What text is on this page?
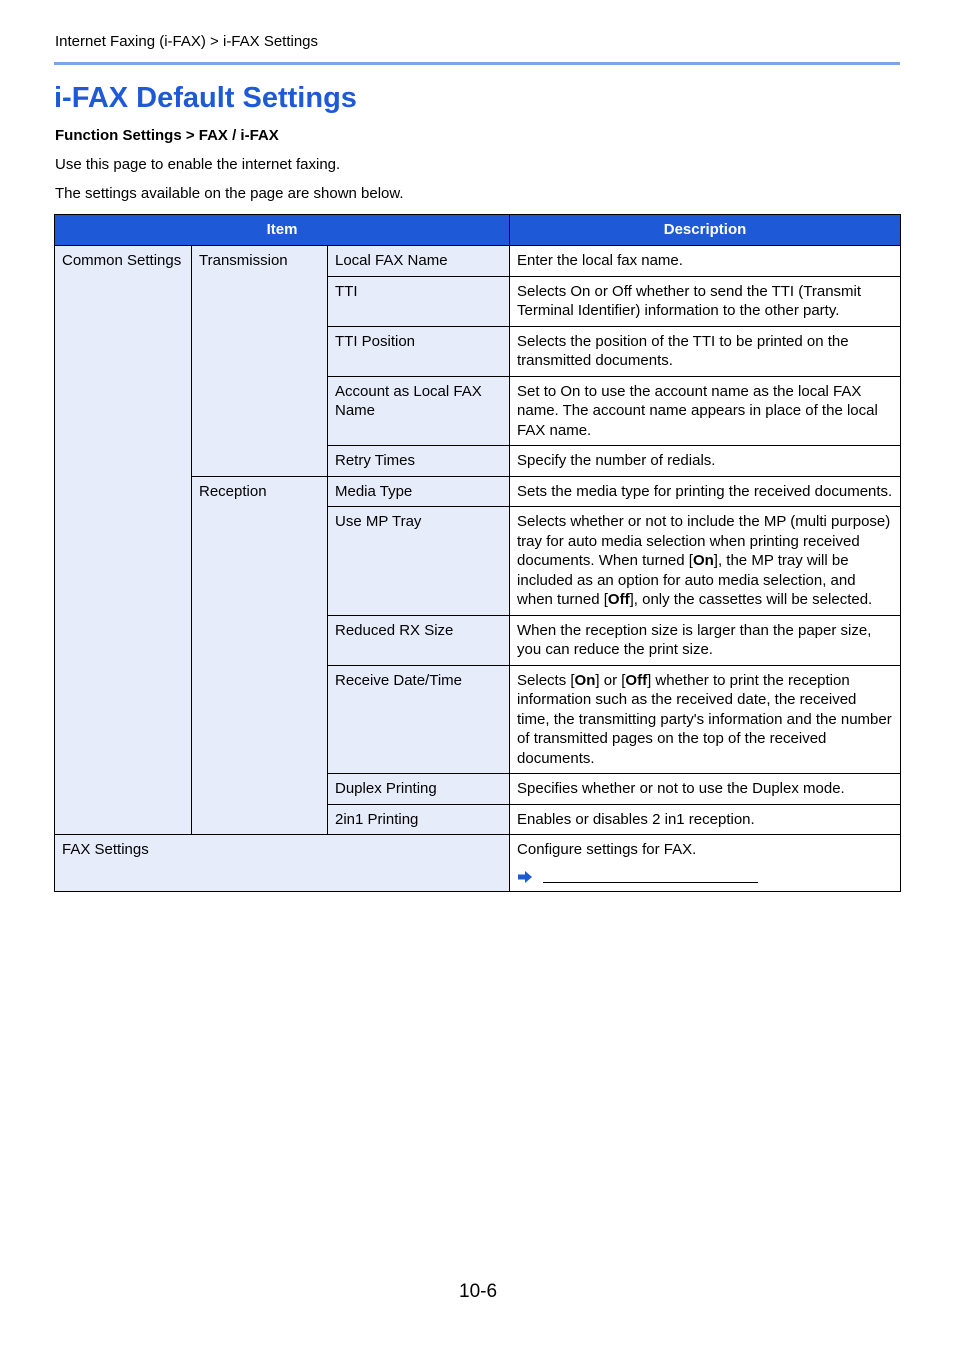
Internet Faxing (i-FAX) > i-FAX Settings
i-FAX Default Settings
Function Settings > FAX / i-FAX
Use this page to enable the internet faxing.
The settings available on the page are shown below.
Item			Description
Common Settings	Transmission	Local FAX Name	Enter the local fax name.
		TTI	Selects On or Off whether to send the TTI (Transmit Terminal Identifier) information to the other party.
		TTI Position	Selects the position of the TTI to be printed on the transmitted documents.
		Account as Local FAX Name	Set to On to use the account name as the local FAX name. The account name appears in place of the local FAX name.
		Retry Times	Specify the number of redials.
	Reception	Media Type	Sets the media type for printing the received documents.
		Use MP Tray	Selects whether or not to include the MP (multi purpose) tray for auto media selection when printing received documents. When turned [On], the MP tray will be included as an option for auto media selection, and when turned [Off], only the cassettes will be selected.
		Reduced RX Size	When the reception size is larger than the paper size, you can reduce the print size.
		Receive Date/Time	Selects [On] or [Off] whether to print the reception information such as the received date, the received time, the transmitting party's information and the number of transmitted pages on the top of the received documents.
		Duplex Printing	Specifies whether or not to use the Duplex mode.
		2in1 Printing	Enables or disables 2 in1 reception.
FAX Settings			Configure settings for FAX.
10-6
